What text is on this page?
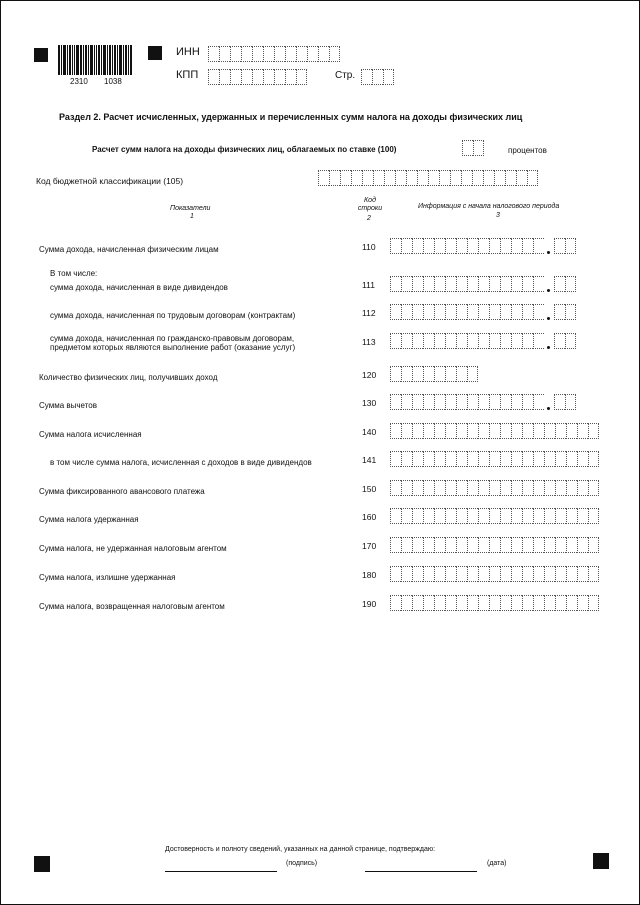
2310 1038
ИНН
КПП	Стр.
Раздел 2. Расчет исчисленных, удержанных и перечисленных сумм налога на доходы физических лиц
Расчет сумм налога на доходы физических лиц, облагаемых по ставке (100)	процентов
Код бюджетной классификации (105)
Показатели
1
Код строки
2
Информация с начала налогового периода
3
Сумма дохода, начисленная физическим лицам	110
В том числе:
сумма дохода, начисленная в виде дивидендов	111
сумма дохода, начисленная по трудовым договорам (контрактам)	112
сумма дохода, начисленная по гражданско-правовым договорам,
предметом которых являются выполнение работ (оказание услуг)
113
Количество физических лиц, получивших доход	120
Сумма вычетов	130
Сумма налога исчисленная	140
в том числе сумма налога, исчисленная с доходов в виде дивидендов	141
Сумма фиксированного авансового платежа	150
Сумма налога удержанная	160
Сумма налога, не удержанная налоговым агентом	170
Сумма налога, излишне удержанная	180
Сумма налога, возвращенная налоговым агентом	190
Достоверность и полноту сведений, указанных на данной странице, подтверждаю:
(подпись)	(дата)
